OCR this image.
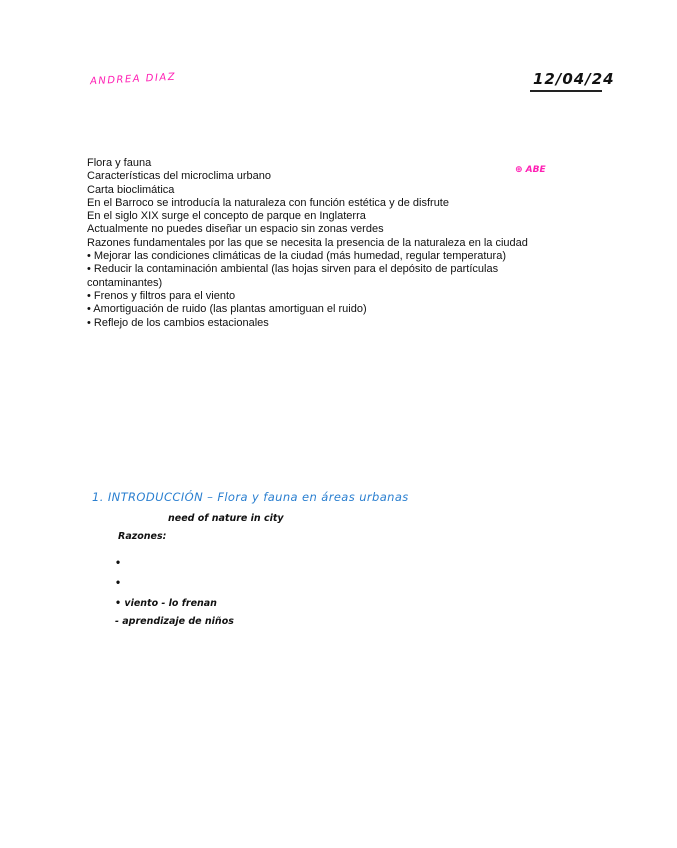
ANDREA DIAZ	12/04/24
⊕ ABE
Flora y fauna
Características del microclima urbano
Carta bioclimática
En el Barroco se introducía la naturaleza con función estética y de disfrute
En el siglo XIX surge el concepto de parque en Inglaterra
Actualmente no puedes diseñar un espacio sin zonas verdes
Razones fundamentales por las que se necesita la presencia de la naturaleza en la ciudad
• Mejorar las condiciones climáticas de la ciudad (más humedad, regular temperatura)
• Reducir la contaminación ambiental (las hojas sirven para el depósito de partículas contaminantes)
• Frenos y filtros para el viento
• Amortiguación de ruido (las plantas amortiguan el ruido)
• Reflejo de los cambios estacionales
1. INTRODUCCIÓN – Flora y fauna en áreas urbanas
need of nature in city
Razones:
•
•
• viento - lo frenan
- aprendizaje de niños
